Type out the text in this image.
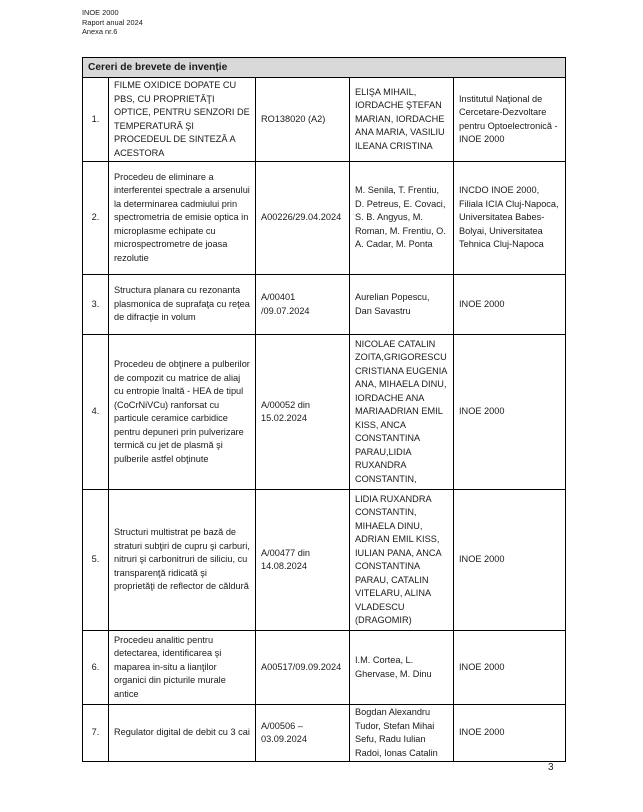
INOE 2000
Raport anual 2024
Anexa nr.6
Cereri de brevete de invenție				
1.	FILME OXIDICE DOPATE CU PBS, CU PROPRIETĂŢI OPTICE, PENTRU SENZORI DE TEMPERATURĂ ŞI PROCEDEUL DE SINTEZĂ A ACESTORA	RO138020 (A2)	ELIŞA MIHAIL, IORDACHE ŞTEFAN MARIAN, IORDACHE ANA MARIA, VASILIU ILEANA CRISTINA	Institutul Naţional de Cercetare-Dezvoltare pentru Optoelectronică - INOE 2000
2.	Procedeu de eliminare a interferentei spectrale a arsenului la determinarea cadmiului prin spectrometria de emisie optica in microplasme echipate cu microspectrometre de joasa rezolutie	A00226/29.04.2024	M. Senila, T. Frentiu, D. Petreus, E. Covaci, S. B. Angyus, M. Roman, M. Frentiu, O. A. Cadar, M. Ponta	INCDO INOE 2000, Filiala ICIA Cluj-Napoca, Universitatea Babes-Bolyai, Universitatea Tehnica Cluj-Napoca
3.	Structura planara cu rezonanta plasmonica de suprafaţa cu reţea de difracţie in volum	A/00401 /09.07.2024	Aurelian Popescu, Dan Savastru	INOE 2000
4.	Procedeu de obţinere a pulberilor de compozit cu matrice de aliaj cu entropie înaltă - HEA de tipul (CoCrNiVCu) ranforsat cu particule ceramice carbidice pentru depuneri prin pulverizare termică cu jet de plasmă şi pulberile astfel obţinute	A/00052 din 15.02.2024	NICOLAE CATALIN ZOITA,GRIGORESCU CRISTIANA EUGENIA ANA, MIHAELA DINU, IORDACHE ANA MARIAADRIAN EMIL KISS, ANCA CONSTANTINA PARAU,LIDIA RUXANDRA CONSTANTIN,	INOE 2000
5.	Structuri multistrat pe bază de straturi subţiri de cupru şi carburi, nitruri şi carbonitruri de siliciu, cu transparenţă ridicată şi proprietăţi de reflector de căldură	A/00477 din 14.08.2024	LIDIA RUXANDRA CONSTANTIN, MIHAELA DINU, ADRIAN EMIL KISS, IULIAN PANA, ANCA CONSTANTINA PARAU, CATALIN VITELARU, ALINA VLADESCU (DRAGOMIR)	INOE 2000
6.	Procedeu analitic pentru detectarea, identificarea şi maparea in-situ a lianţilor organici din picturile murale antice	A00517/09.09.2024	I.M. Cortea, L. Ghervase, M. Dinu	INOE 2000
7.	Regulator digital de debit cu 3 cai	A/00506 – 03.09.2024	Bogdan Alexandru Tudor, Stefan Mihai Sefu, Radu Iulian Radoi, Ionas Catalin	INOE 2000
3
